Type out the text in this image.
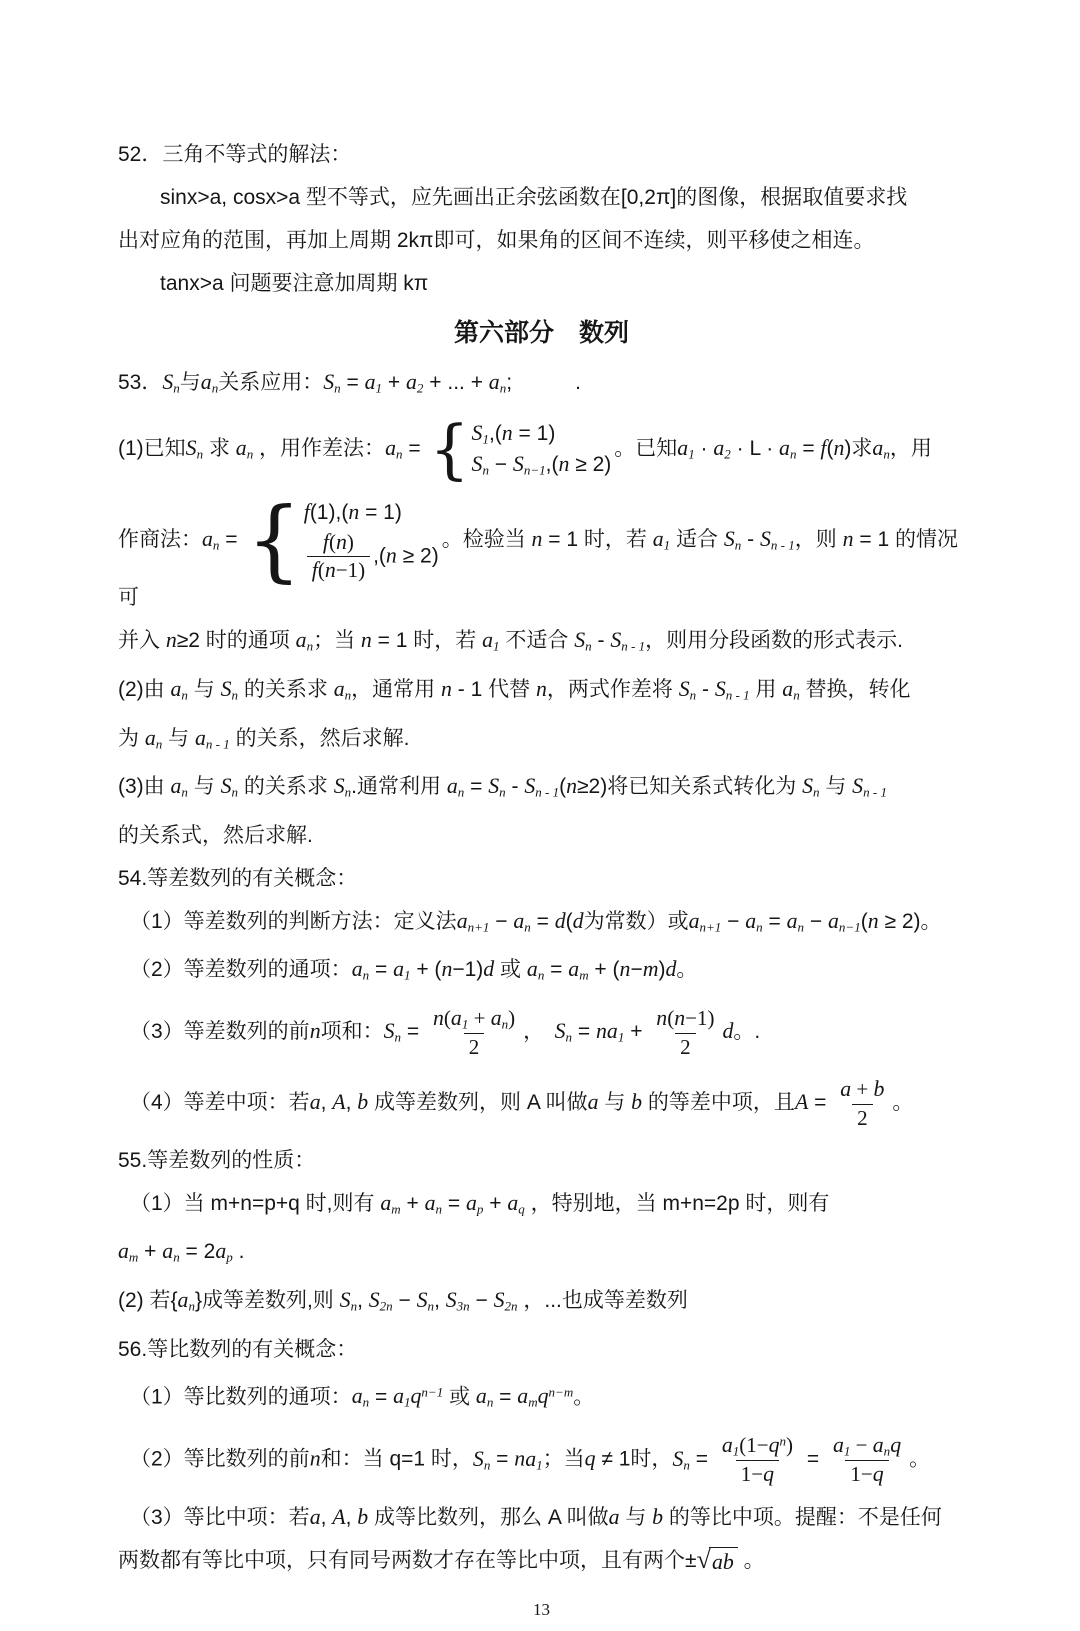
52．三角不等式的解法：
sinx>a, cosx>a 型不等式，应先画出正余弦函数在[0,2π]的图像，根据取值要求找
出对应角的范围，再加上周期 2kπ即可，如果角的区间不连续，则平移使之相连。
tanx>a 问题要注意加周期 kπ
第六部分　数列
53．$S_n$与$a_n$关系应用：$S_n = a_1 + a_2$ + ... + $a_n$;　　　.
(1)已知$S_n$ 求 $a_n$ ，用作差法：$a_n$ = { $S_1,(n = 1)$
$S_n - S_{n-1},(n \ge 2)$
。已知$a_1 \cdot a_2 \cdot L \cdot a_n = f(n)$求$a_n$，用
作商法：$a_n$ = { f(1),(n = 1)
$\frac{f(n)}{f(n-1)} ,(n \ge 2)$
。检验当 n = 1 时，若 $a_1$ 适合 $S_n - S_{n - 1}$，则 n = 1 的情况可
并入 n≥2 时的通项 $a_n$；当 n = 1 时，若 $a_1$ 不适合 $S_n - S_{n - 1}$，则用分段函数的形式表示.
(2)由 $a_n$ 与 $S_n$ 的关系求 $a_n$，通常用 n - 1 代替 n，两式作差将 $S_n - S_{n - 1}$ 用 $a_n$ 替换，转化
为 $a_n$ 与 $a_{n - 1}$ 的关系，然后求解.
(3)由 $a_n$ 与 $S_n$ 的关系求 $S_n$.通常利用 $a_n = S_n - S_{n - 1}(n\ge 2)$将已知关系式转化为 $S_n$ 与 $S_{n - 1}$
的关系式，然后求解.
54.等差数列的有关概念：
（1）等差数列的判断方法：定义法$a_{n+1} - a_n = d(d$为常数）或$a_{n+1} - a_n = a_n - a_{n-1}(n \ge 2)$。
（2）等差数列的通项：$a_n = a_1 + (n-1)d$ 或 $a_n = a_m + (n-m)d$。
（3）等差数列的前n项和：$S_n = \frac{n(a_1 + a_n)}{2}$ ，　$S_n = na_1 + \frac{n(n-1)}{2}$ d。.
（4）等差中项：若a, A, b 成等差数列，则 A 叫做a 与 b 的等差中项，且$A = \frac{a + b}{2}$ 。
55.等差数列的性质：
（1）当 m+n=p+q 时,则有 $a_m + a_n = a_p + a_q$ ，特别地，当 m+n=2p 时，则有
$a_m + a_n = 2a_p$ .
(2) 若$\{a_n\}$成等差数列,则 $S_n$, $S_{2n} - S_n$, $S_{3n} - S_{2n}$ ，...也成等差数列
56.等比数列的有关概念：
（1）等比数列的通项：$a_n = a_1q^{n-1}$ 或 $a_n = a_mq^{n-m}$。
（2）等比数列的前n和：当 q=1 时，$S_n = na_1$；当q ≠ 1时，$S_n = \frac{a_1(1-q^n)}{1-q} = \frac{a_1 - a_nq}{1-q}$ 。
（3）等比中项：若a, A, b 成等比数列，那么 A 叫做a 与 b 的等比中项。提醒：不是任何
两数都有等比中项，只有同号两数才存在等比中项，且有两个± √ ab 。
13
